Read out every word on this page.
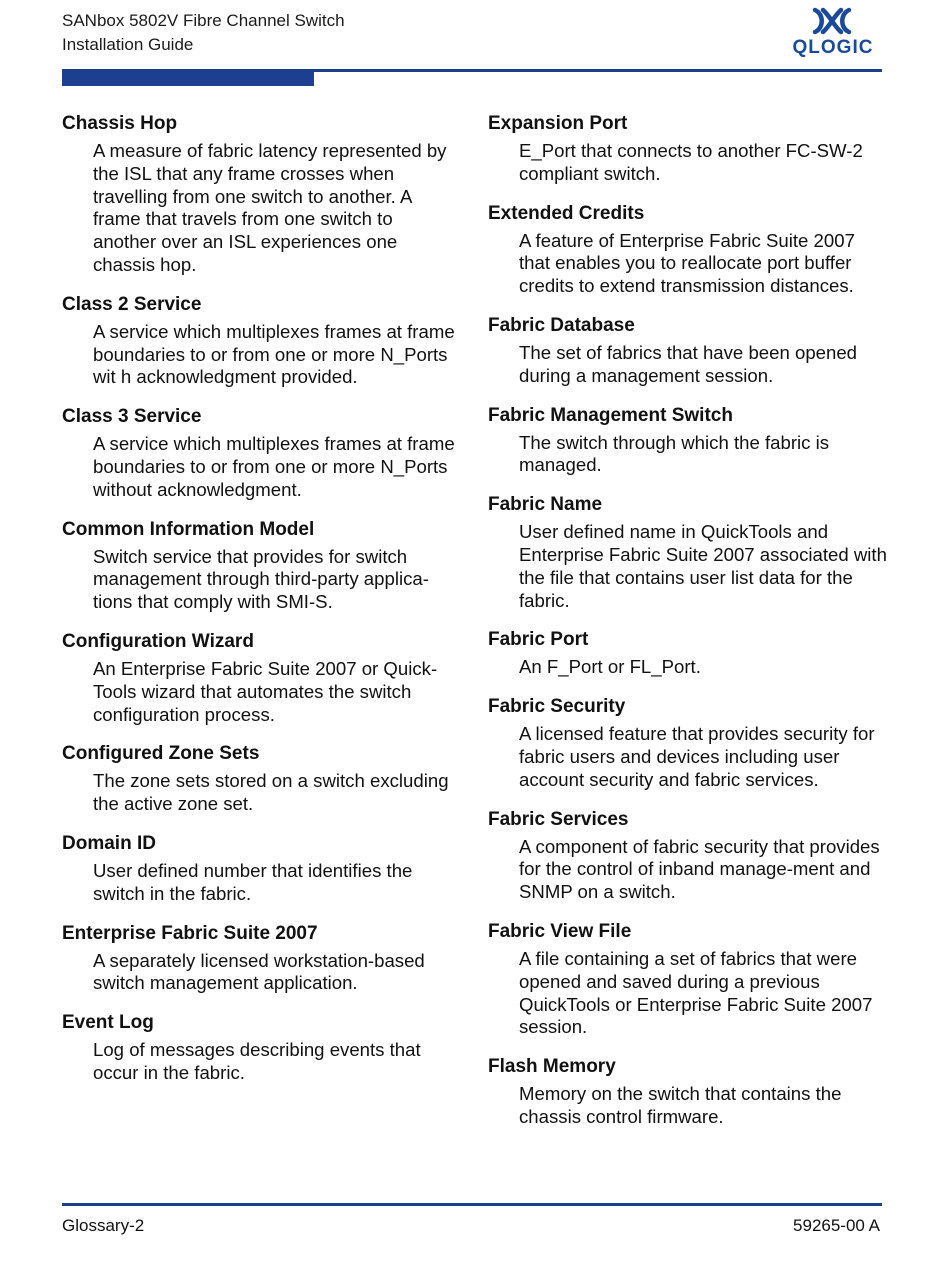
SANbox 5802V Fibre Channel Switch
Installation Guide	QLOGIC
Chassis Hop
A measure of fabric latency represented by the ISL that any frame crosses when travelling from one switch to another. A frame that travels from one switch to another over an ISL experiences one chassis hop.
Class 2 Service
A service which multiplexes frames at frame boundaries to or from one or more N_Ports wit h acknowledgment provided.
Class 3 Service
A service which multiplexes frames at frame boundaries to or from one or more N_Ports without acknowledgment.
Common Information Model
Switch service that provides for switch management through third-party applica-tions that comply with SMI-S.
Configuration Wizard
An Enterprise Fabric Suite 2007 or Quick-Tools wizard that automates the switch configuration process.
Configured Zone Sets
The zone sets stored on a switch excluding the active zone set.
Domain ID
User defined number that identifies the switch in the fabric.
Enterprise Fabric Suite 2007
A separately licensed workstation-based switch management application.
Event Log
Log of messages describing events that occur in the fabric.
Expansion Port
E_Port that connects to another FC-SW-2 compliant switch.
Extended Credits
A feature of Enterprise Fabric Suite 2007 that enables you to reallocate port buffer credits to extend transmission distances.
Fabric Database
The set of fabrics that have been opened during a management session.
Fabric Management Switch
The switch through which the fabric is managed.
Fabric Name
User defined name in QuickTools and Enterprise Fabric Suite 2007 associated with the file that contains user list data for the fabric.
Fabric Port
An F_Port or FL_Port.
Fabric Security
A licensed feature that provides security for fabric users and devices including user account security and fabric services.
Fabric Services
A component of fabric security that provides for the control of inband manage-ment and SNMP on a switch.
Fabric View File
A file containing a set of fabrics that were opened and saved during a previous QuickTools or Enterprise Fabric Suite 2007 session.
Flash Memory
Memory on the switch that contains the chassis control firmware.
Glossary-2	59265-00 A
